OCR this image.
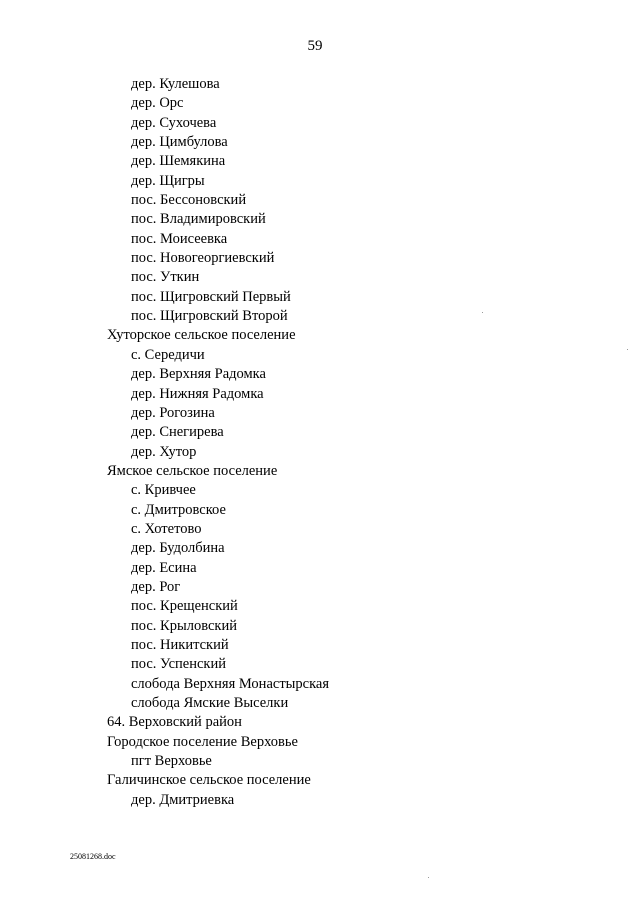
59
дер. Кулешова
дер. Орс
дер. Сухочева
дер. Цимбулова
дер. Шемякина
дер. Щигры
пос. Бессоновский
пос. Владимировский
пос. Моисеевка
пос. Новогеоргиевский
пос. Уткин
пос. Щигровский Первый
пос. Щигровский Второй
Хуторское сельское поселение
с. Середичи
дер. Верхняя Радомка
дер. Нижняя Радомка
дер. Рогозина
дер. Снегирева
дер. Хутор
Ямское сельское поселение
с. Кривчее
с. Дмитровское
с. Хотетово
дер. Будолбина
дер. Есина
дер. Рог
пос. Крещенский
пос. Крыловский
пос. Никитский
пос. Успенский
слобода Верхняя Монастырская
слобода Ямские Выселки
64. Верховский район
Городское поселение Верховье
пгт Верховье
Галичинское сельское поселение
дер. Дмитриевка
25081268.doc
